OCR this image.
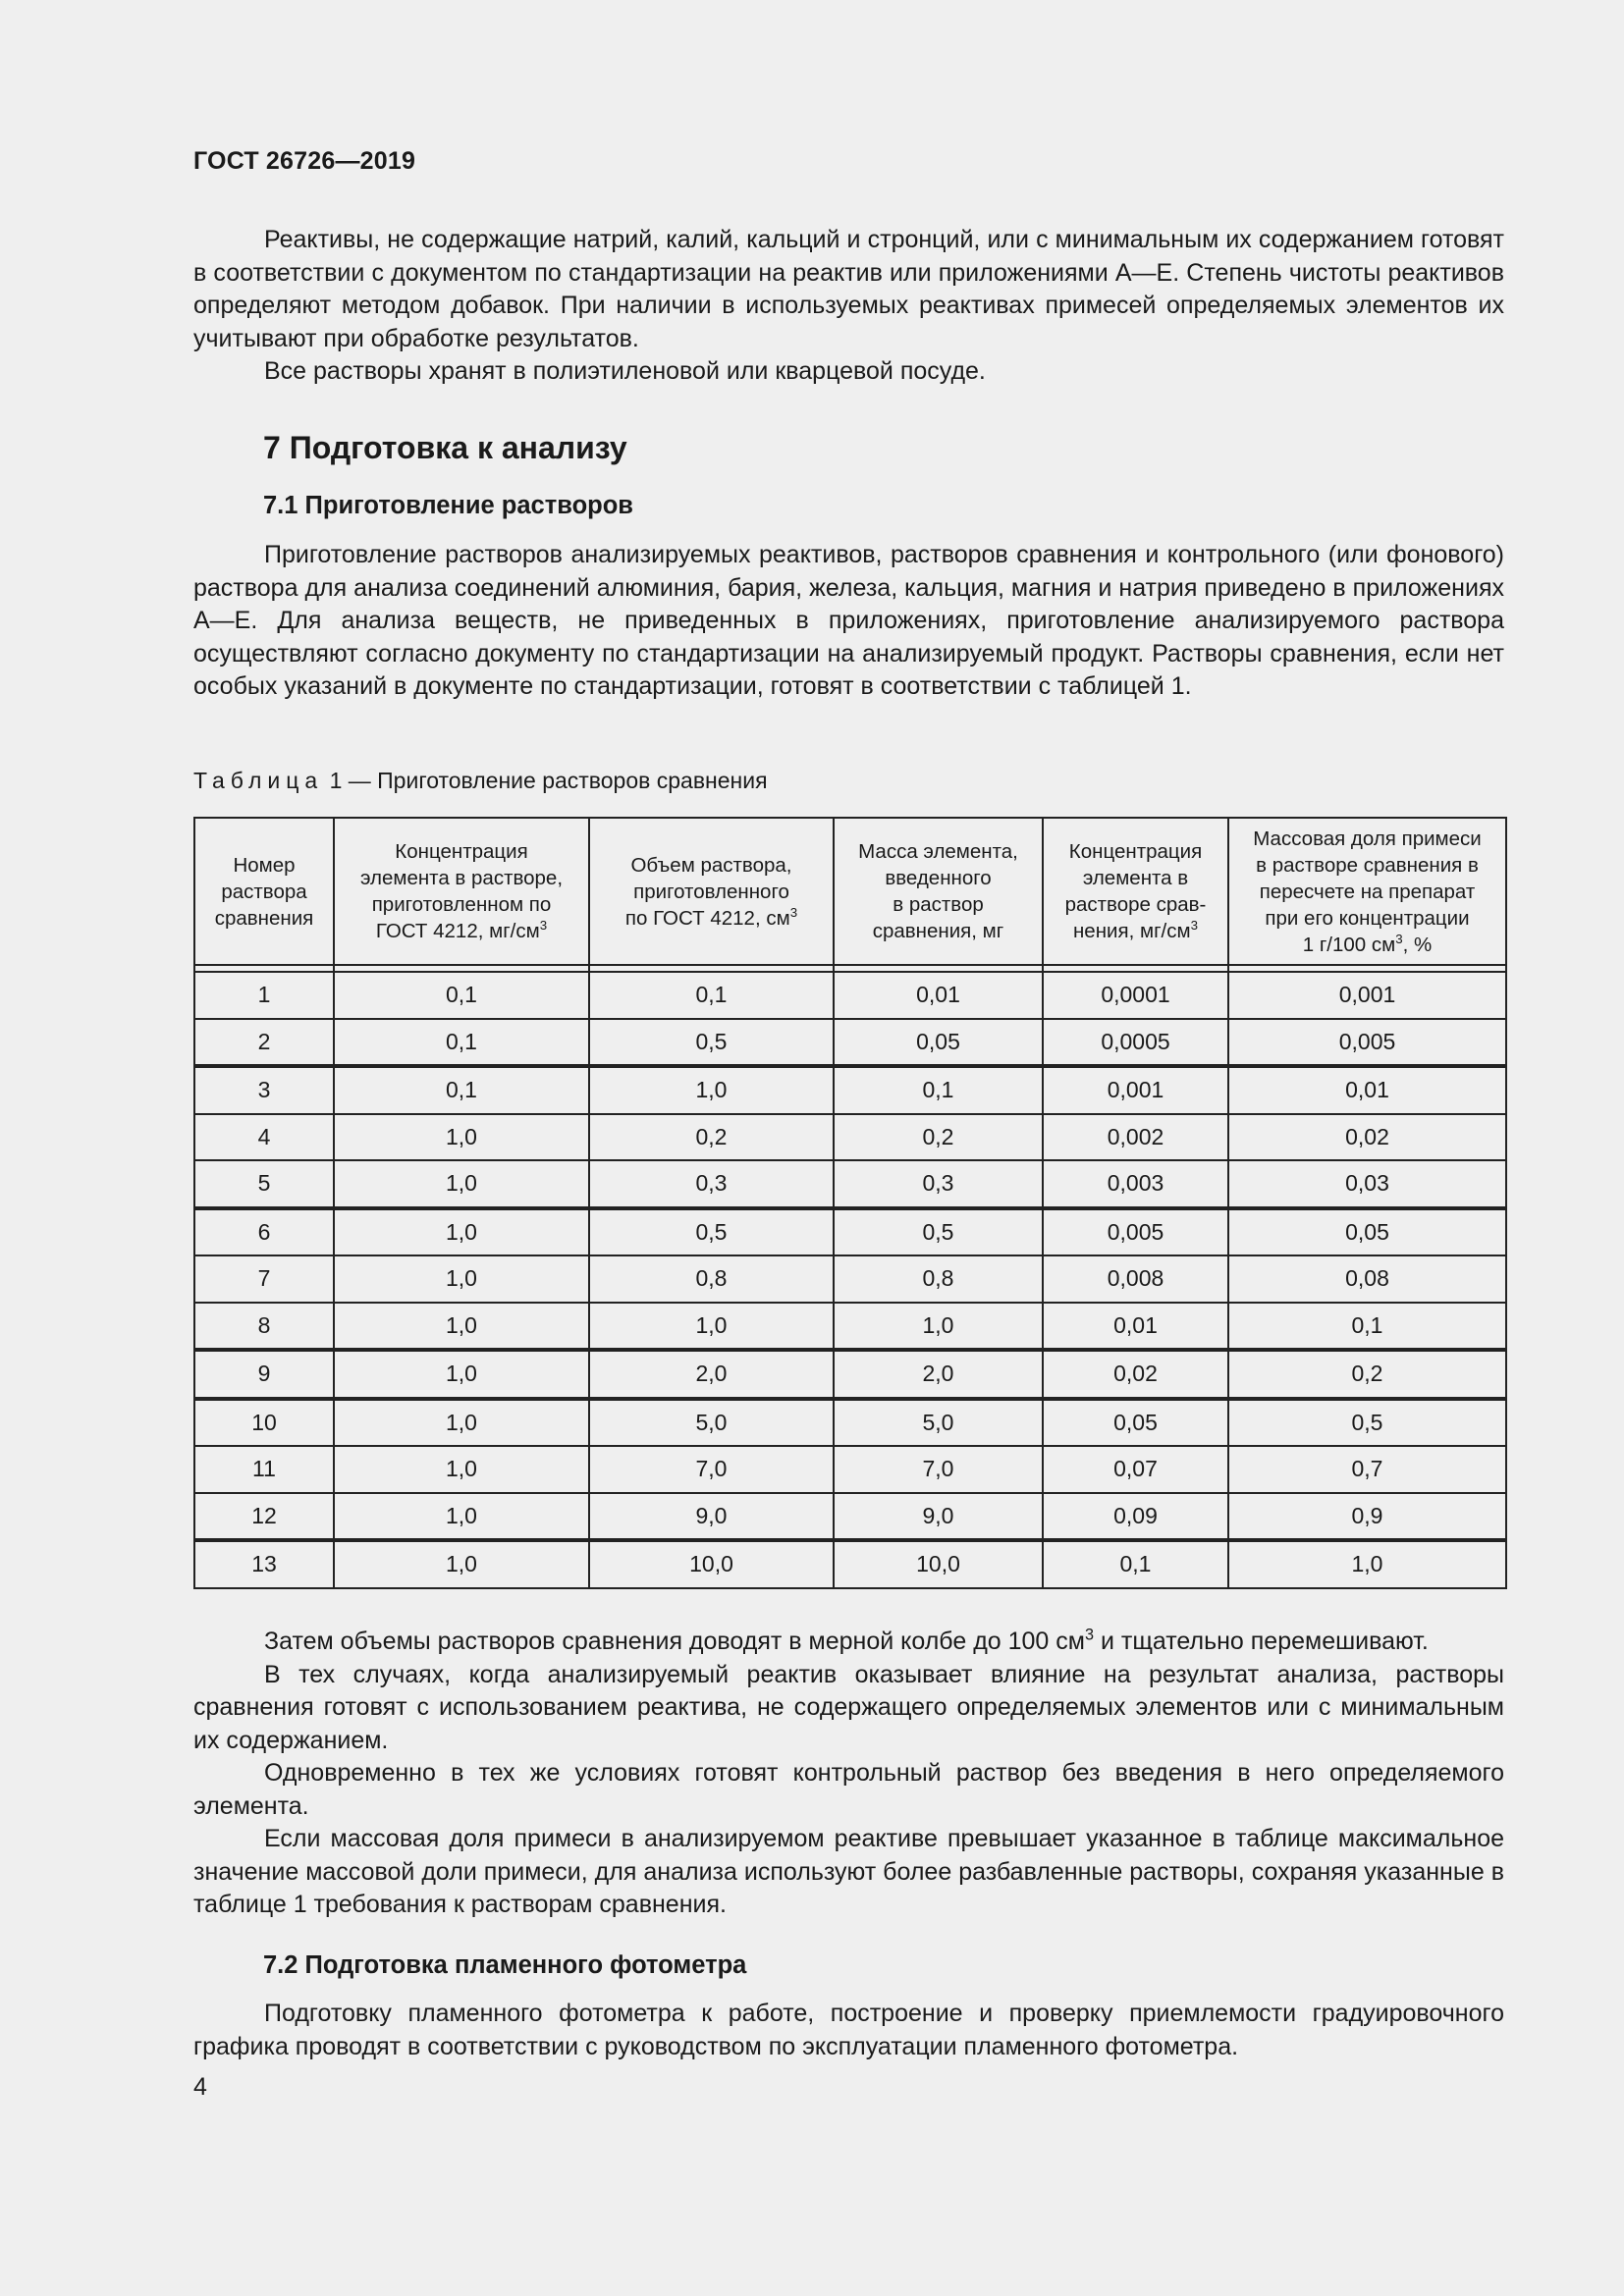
ГОСТ 26726—2019

Реактивы, не содержащие натрий, калий, кальций и стронций, или с минимальным их содержанием готовят в соответствии с документом по стандартизации на реактив или приложениями А—Е. Степень чистоты реактивов определяют методом добавок. При наличии в используемых реактивах примесей определяемых элементов их учитывают при обработке результатов.

Все растворы хранят в полиэтиленовой или кварцевой посуде.

7 Подготовка к анализу
7.1 Приготовление растворов

Приготовление растворов анализируемых реактивов, растворов сравнения и контрольного (или фонового) раствора для анализа соединений алюминия, бария, железа, кальция, магния и натрия приведено в приложениях А—Е. Для анализа веществ, не приведенных в приложениях, приготовление анализируемого раствора осуществляют согласно документу по стандартизации на анализируемый продукт. Растворы сравнения, если нет особых указаний в документе по стандартизации, готовят в соответствии с таблицей 1.

Таблица 1 — Приготовление растворов сравнения
Номер
раствора
сравнения	Концентрация
элемента в растворе,
приготовленном по
ГОСТ 4212, $мг/см^3$	Объем раствора,
приготовленного
по ГОСТ 4212, $см^3$	Масса элемента,
введенного
в раствор
сравнения, мг	Концентрация
элемента в
растворе срав-
нения, $мг/см^3$	Массовая доля примеси
в растворе сравнения в
пересчете на препарат
при его концентрации
1 г/100 $см^3$, %

1	0,1	0,1	0,01	0,0001	0,001
2	0,1	0,5	0,05	0,0005	0,005
3	0,1	1,0	0,1	0,001	0,01
4	1,0	0,2	0,2	0,002	0,02
5	1,0	0,3	0,3	0,003	0,03
6	1,0	0,5	0,5	0,005	0,05
7	1,0	0,8	0,8	0,008	0,08
8	1,0	1,0	1,0	0,01	0,1
9	1,0	2,0	2,0	0,02	0,2
10	1,0	5,0	5,0	0,05	0,5
11	1,0	7,0	7,0	0,07	0,7
12	1,0	9,0	9,0	0,09	0,9
13	1,0	10,0	10,0	0,1	1,0

Затем объемы растворов сравнения доводят в мерной колбе до 100 $см^3$ и тщательно перемешивают.

В тех случаях, когда анализируемый реактив оказывает влияние на результат анализа, растворы сравнения готовят с использованием реактива, не содержащего определяемых элементов или с минимальным их содержанием.

Одновременно в тех же условиях готовят контрольный раствор без введения в него определяемого элемента.

Если массовая доля примеси в анализируемом реактиве превышает указанное в таблице максимальное значение массовой доли примеси, для анализа используют более разбавленные растворы, сохраняя указанные в таблице 1 требования к растворам сравнения.

7.2 Подготовка пламенного фотометра

Подготовку пламенного фотометра к работе, построение и проверку приемлемости градуировочного графика проводят в соответствии с руководством по эксплуатации пламенного фотометра.

4
